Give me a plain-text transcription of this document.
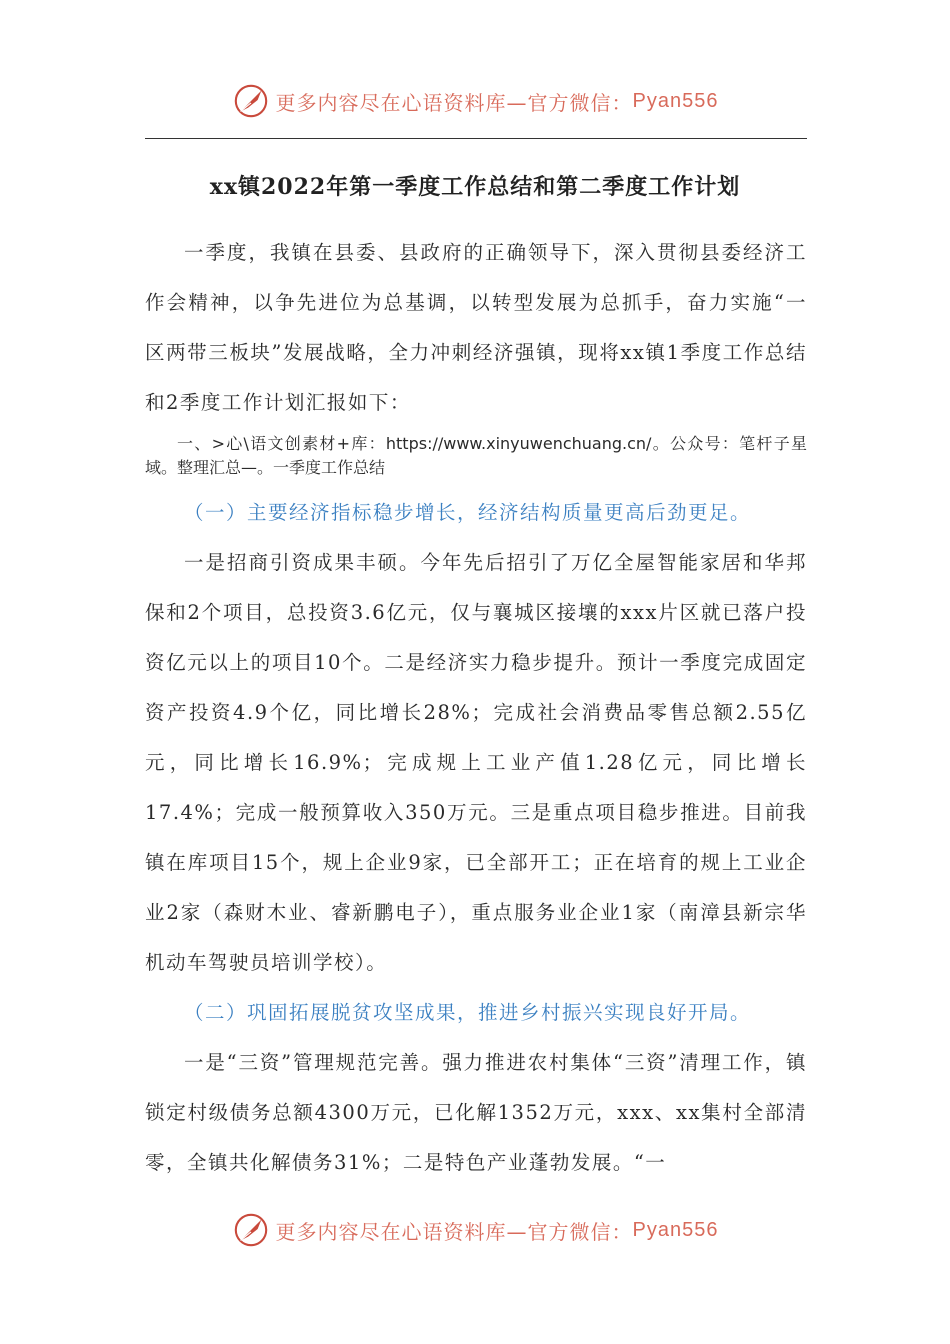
更多内容尽在心语资料库—官方微信： Pyan556
xx镇2022年第一季度工作总结和第二季度工作计划

一季度，我镇在县委、县政府的正确领导下，深入贯彻县委经济工作会精神，以争先进位为总基调，以转型发展为总抓手，奋力实施“一区两带三板块”发展战略，全力冲刺经济强镇，现将xx镇1季度工作总结和2季度工作计划汇报如下：

一、>心\语文创素材+库：https://www.xinyuwenchuang.cn/。公众号：笔杆子星域。整理汇总—。一季度工作总结

（一）主要经济指标稳步增长，经济结构质量更高后劲更足。

一是招商引资成果丰硕。今年先后招引了万亿全屋智能家居和华邦保和2个项目，总投资3.6亿元，仅与襄城区接壤的xxx片区就已落户投资亿元以上的项目10个。二是经济实力稳步提升。预计一季度完成固定资产投资4.9个亿，同比增长28%；完成社会消费品零售总额2.55亿元，同比增长16.9%；完成规上工业产值1.28亿元，同比增长17.4%；完成一般预算收入350万元。三是重点项目稳步推进。目前我镇在库项目15个，规上企业9家，已全部开工；正在培育的规上工业企业2家（森财木业、睿新鹏电子），重点服务业企业1家（南漳县新宗华机动车驾驶员培训学校）。

（二）巩固拓展脱贫攻坚成果，推进乡村振兴实现良好开局。

一是“三资”管理规范完善。强力推进农村集体“三资”清理工作，镇锁定村级债务总额4300万元，已化解1352万元，xxx、xx集村全部清零，全镇共化解债务31%；二是特色产业蓬勃发展。“一

更多内容尽在心语资料库—官方微信： Pyan556
